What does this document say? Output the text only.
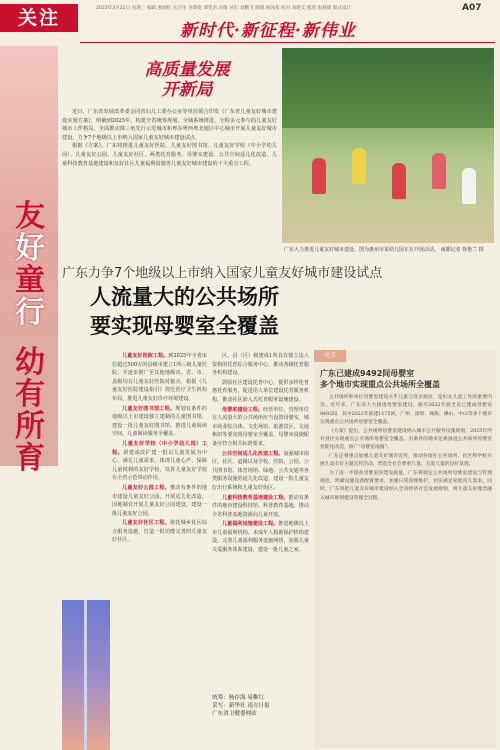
关注	2023年3月22日 星期三 编辑 惠细红 实习生 李菁妮 谭雯君 冯绮 丛叮 刘鹏飞 制图 林泳希 校对 刘晓艾 熊瑶 张静锦 版式设计	A07
新时代·新征程·新伟业
友
好
童
行
幼
有
所
育
高质量发展
开新局

近日，广东省发展改革委会同省妇儿工委办公室等单位联合印发《广东省儿童友好城市建设实施方案》，明确到2025年，构建全省统筹规划、全域系统推进、全程多元参与的儿童友好城市工作格局，全面推动珠三角先行示范城市和粤东粤西粤北地区中心城市开展儿童友好城市建设，力争7个地级以上市纳入国家儿童友好城市建设试点。

根据《方案》，广东将推进儿童友好医院、儿童友好图书馆、儿童友好学校（中小学幼儿园）、儿童友好公园、儿童友好社区、两类托育服务、母婴室建设、公共空间适儿化改造、儿童科技教育基地建设和友好社区儿童福利设施等儿童友好城市建设的十大重点工程。

广东大力推进儿童友好城市建设，图为惠州市某幼儿园正在开展活动。 南都记者 徐艳兰 摄
广东力争7个地级以上市纳入国家儿童友好城市建设试点
人流量大的公共场所
要实现母婴室全覆盖

儿童友好医院工程。到2025年全省床位超过500万的县级市建立1所三级儿童医院，并逐步推广至其他地级市。省、市、县级均有儿童友好医院对接点，根据《儿童友好医院建设指引》规范医疗卫生机构布局，推进儿童友好诊疗环境建设。

儿童友好图书馆工程。规划有条件的地级以上市建设独立建制的儿童图书馆，建设一批儿童友好图书馆，推进儿童阅读空间、儿童阅读服务全覆盖。

儿童友好学校（中小学幼儿园）工程。新建或改扩建一批以儿童发展为中心，满足儿童需求，体现儿童心声，保障儿童权利的友好学校，发挥儿童友好学校在全省示范带动作用。

儿童友好公园工程。推动有条件的地市建设儿童友好公园，开展适儿化改造，因地制宜开展儿童友好公园建设，建设一批儿童友好公园。

儿童友好社区工程。依托城乡社区综合服务设施，打造一批功能完善的儿童友好社区。

区，县（区）级建成1所具有独立法人资格的托育综合服务中心，推动各级托育服务机构建设。

鼓励社区建设托育中心，提供多样化普惠托育服务，促进用人单位建设托育服务机构，推动社区嵌入式托育服务设施建设。

母婴室建设工程。经营单位、管理单位在人流量大的公共场所应当设置母婴室，城市商业综合体、文化场馆、旅游景区、交通枢纽等要实现母婴室全覆盖，母婴室设施配备应符合相关标准要求。

公共空间适儿化改造工程。加强城市街区、社区、道路以及学校、医院、公园、公共图书馆、体育场馆、绿地、公共交通等各类服务设施的适儿化改造，建设一批儿童友好出行系统和儿童友好街区。

儿童科技教育基地建设工程。推动有条件的地市建设科技馆、科普教育基地，推动全省科普基地资源向儿童开放。

儿童福利设施建设工程。推进地级以上市儿童福利机构、未成年人救助保护机构建设，完善儿童福利服务设施网络，加强儿童关爱服务体系建设，建设一批儿童之家。

统筹：杨存海 易稚红
采写：新华社 南方日报
广东省卫健委网站
亮点
广东已建成9492间母婴室
多个地市实现重点公共场所全覆盖

公共场所和单位母婴室建设关乎儿童与母亲福祉，是妇女儿童工作的重要内容。近年来，广东省大力推进母婴室建设，截至2022年底全省已建成母婴室9492间，其中2022年新建1175间。广州、深圳、珠海、佛山、中山等多个地市实现重点公共场所母婴室全覆盖。

《方案》提出，公共场所母婴室建设纳入城市公共服务设施规划，2025年所有县区实现重点公共场所母婴室全覆盖。有条件的地市还将推进公共场所母婴室智能化改造，推广"母婴室地图"。

广东还将重点加强儿童友好城市宣传，推动各地在公共场所、社区和学校开展儿童友好主题宣传活动，营造全社会尊重儿童、关爱儿童的良好氛围。

为了进一步提高母婴室的建设质量，广东将制定公共场所母婴室建设与管理规范，明确设施设备配置要求，加强日常管理维护，切实满足家庭育儿需求。同时，广东将把儿童友好城市建设纳入全省经济社会发展规划，将儿童友好理念融入城市规划建设管理全过程。
